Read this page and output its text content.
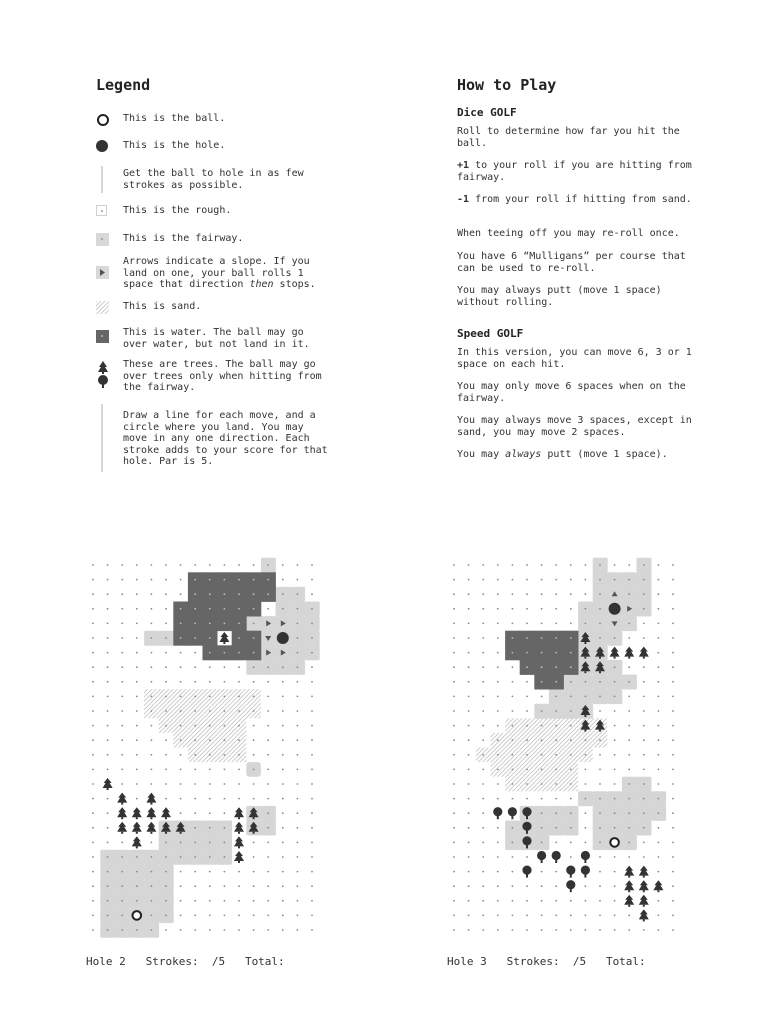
Legend
This is the ball.
This is the hole.
Get the ball to hole in as few strokes as possible.
This is the rough.
This is the fairway.
Arrows indicate a slope. If you land on one, your ball rolls 1 space that direction then stops.
This is sand.
This is water. The ball may go over water, but not land in it.
These are trees. The ball may go over trees only when hitting from the fairway.
Draw a line for each move, and a circle where you land. You may move in any one direction. Each stroke adds to your score for that hole. Par is 5.
How to Play
Dice GOLF
Roll to determine how far you hit the ball.
+1 to your roll if you are hitting from fairway.
-1 from your roll if hitting from sand.
When teeing off you may re-roll once.
You have 6 “Mulligans” per course that can be used to re-roll.
You may always putt (move 1 space) without rolling.
Speed GOLF
In this version, you can move 6, 3 or 1 space on each hit.
You may only move 6 spaces when on the fairway.
You may always move 3 spaces, except in sand, you may move 2 spaces.
You may always putt (move 1 space).
Hole 2   Strokes:  /5   Total:	Hole 3   Strokes:  /5   Total:
